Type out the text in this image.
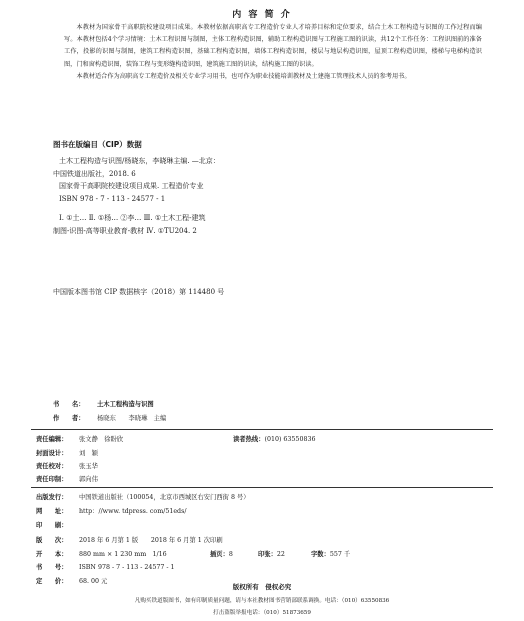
内 容 简 介

本教材为国家骨干高职院校建设项目成果。本教材依据高职高专工程造价专业人才培养目标和定位要求，结合土木工程构造与识图的工作过程而编写。本教材包括4个学习情境：土木工程识图与制图，主体工程构造识图，辅助工程构造识图与工程施工图的识读，共12个工作任务：工程识图前的准备工作，投影的识图与制图，建筑工程构造识图，基础工程构造识图，墙体工程构造识图，楼层与地层构造识图，屋顶工程构造识图，楼梯与电梯构造识图，门和窗构造识图，装饰工程与变形缝构造识图，建筑施工图的识读，结构施工图的识读。

本教材适合作为高职高专工程造价及相关专业学习用书，也可作为职业技能培训教材及土建施工管理技术人员的参考用书。

图书在版编目（CIP）数据
土木工程构造与识图/杨晓东，李晓琳主编. —北京：
中国铁道出版社，2018. 6
国家骨干高职院校建设项目成果. 工程造价专业
ISBN 978 - 7 - 113 - 24577 - 1
Ⅰ. ①土… Ⅱ. ①杨… ②李… Ⅲ. ①土木工程-建筑
制图-识图-高等职业教育-教材 Ⅳ. ①TU204. 2
中国版本图书馆 CIP 数据核字（2018）第 114480 号
书　　名： 土木工程构造与识图
作　　者： 杨晓东　　李晓琳　主编
责任编辑： 张文静　徐盼欣	读者热线：(010) 63550836
封面设计： 刘　颖
责任校对： 张玉华
责任印制： 郭向伟
出版发行： 中国铁道出版社（100054，北京市西城区右安门西街 8 号）
网　　址： http：//www. tdpress. com/51eds/
印　　刷：
版　　次： 2018 年 6 月第 1 版　　2018 年 6 月第 1 次印刷
开　　本： 880 mm × 1 230 mm　1/16	插页：8	印张：22	字数：557 千
书　　号： ISBN 978 - 7 - 113 - 24577 - 1
定　　价： 68. 00 元
版权所有　侵权必究
凡购买铁道版图书，如有印制质量问题，请与本社教材图书营销部联系调换。电话：（010）63550836
打击盗版举报电话：（010）51873659
